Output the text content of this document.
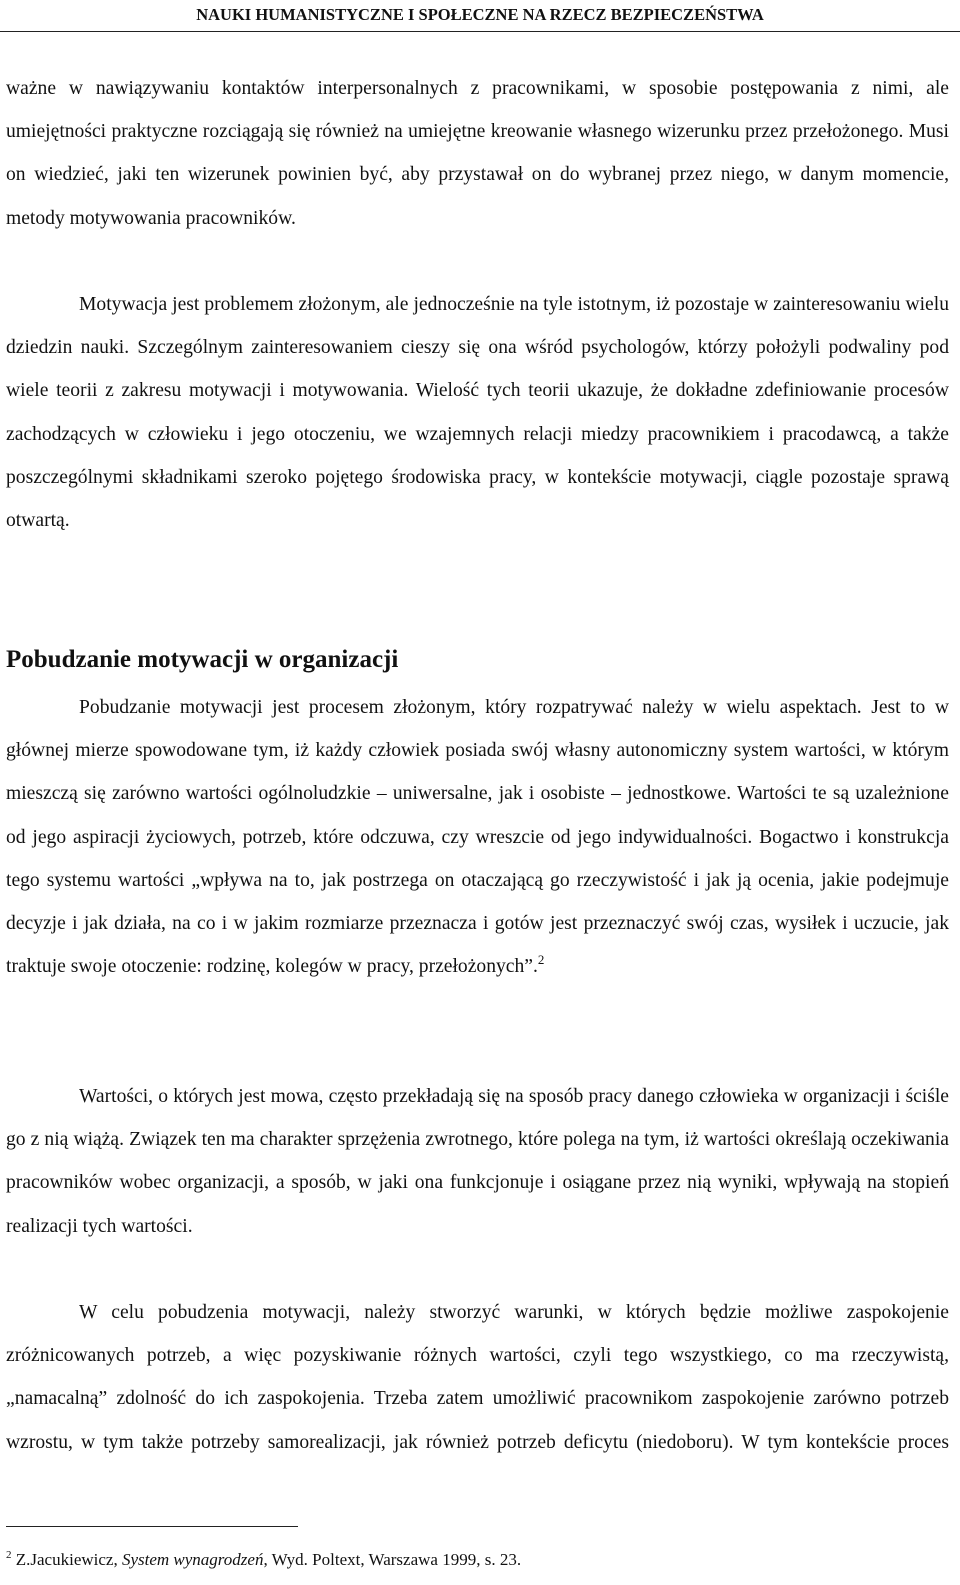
NAUKI HUMANISTYCZNE I SPOŁECZNE NA RZECZ BEZPIECZEŃSTWA

ważne w nawiązywaniu kontaktów interpersonalnych z pracownikami, w sposobie postępowania z nimi, ale umiejętności praktyczne rozciągają się również na umiejętne kreowanie własnego wizerunku przez przełożonego. Musi on wiedzieć, jaki ten wizerunek powinien być, aby przystawał on do wybranej przez niego, w danym momencie, metody motywowania pracowników.

Motywacja jest problemem złożonym, ale jednocześnie na tyle istotnym, iż pozostaje w zainteresowaniu wielu dziedzin nauki. Szczególnym zainteresowaniem cieszy się ona wśród psychologów, którzy położyli podwaliny pod wiele teorii z zakresu motywacji i motywowania. Wielość tych teorii ukazuje, że dokładne zdefiniowanie procesów zachodzących w człowieku i jego otoczeniu, we wzajemnych relacji miedzy pracownikiem i pracodawcą, a także poszczególnymi składnikami szeroko pojętego środowiska pracy, w kontekście motywacji, ciągle pozostaje sprawą otwartą.

Pobudzanie motywacji w organizacji

Pobudzanie motywacji jest procesem złożonym, który rozpatrywać należy w wielu aspektach. Jest to w głównej mierze spowodowane tym, iż każdy człowiek posiada swój własny autonomiczny system wartości, w którym mieszczą się zarówno wartości ogólnoludzkie – uniwersalne, jak i osobiste – jednostkowe. Wartości te są uzależnione od jego aspiracji życiowych, potrzeb, które odczuwa, czy wreszcie od jego indywidualności. Bogactwo i konstrukcja tego systemu wartości „wpływa na to, jak postrzega on otaczającą go rzeczywistość i jak ją ocenia, jakie podejmuje decyzje i jak działa, na co i w jakim rozmiarze przeznacza i gotów jest przeznaczyć swój czas, wysiłek i uczucie, jak traktuje swoje otoczenie: rodzinę, kolegów w pracy, przełożonych”.$^2$

Wartości, o których jest mowa, często przekładają się na sposób pracy danego człowieka w organizacji i ściśle go z nią wiążą. Związek ten ma charakter sprzężenia zwrotnego, które polega na tym, iż wartości określają oczekiwania pracowników wobec organizacji, a sposób, w jaki ona funkcjonuje i osiągane przez nią wyniki, wpływają na stopień realizacji tych wartości.

W celu pobudzenia motywacji, należy stworzyć warunki, w których będzie możliwe zaspokojenie zróżnicowanych potrzeb, a więc pozyskiwanie różnych wartości, czyli tego wszystkiego, co ma rzeczywistą, „namacalną” zdolność do ich zaspokojenia. Trzeba zatem umożliwić pracownikom zaspokojenie zarówno potrzeb wzrostu, w tym także potrzeby samorealizacji, jak również potrzeb deficytu (niedoboru). W tym kontekście proces

$^2$ Z.Jacukiewicz, System wynagrodzeń, Wyd. Poltext, Warszawa 1999, s. 23.
